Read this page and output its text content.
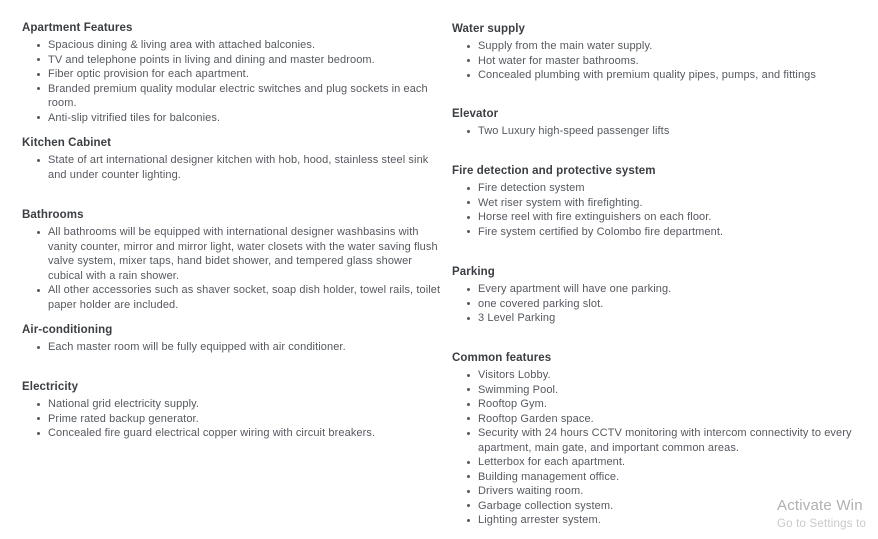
Apartment Features
Spacious dining & living area with attached balconies.
TV and telephone points in living and dining and master bedroom.
Fiber optic provision for each apartment.
Branded premium quality modular electric switches and plug sockets in each room.
Anti-slip vitrified tiles for balconies.
Kitchen Cabinet
State of art international designer kitchen with hob, hood, stainless steel sink and under counter lighting.
Bathrooms
All bathrooms will be equipped with international designer washbasins with vanity counter, mirror and mirror light, water closets with the water saving flush valve system, mixer taps, hand bidet shower, and tempered glass shower cubical with a rain shower.
All other accessories such as shaver socket, soap dish holder, towel rails, toilet paper holder are included.
Air-conditioning
Each master room will be fully equipped with air conditioner.
Electricity
National grid electricity supply.
Prime rated backup generator.
Concealed fire guard electrical copper wiring with circuit breakers.
Water supply
Supply from the main water supply.
Hot water for master bathrooms.
Concealed plumbing with premium quality pipes, pumps, and fittings
Elevator
Two Luxury high-speed passenger lifts
Fire detection and protective system
Fire detection system
Wet riser system with firefighting.
Horse reel with fire extinguishers on each floor.
Fire system certified by Colombo fire department.
Parking
Every apartment will have one parking.
one covered parking slot.
3 Level Parking
Common features
Visitors Lobby.
Swimming Pool.
Rooftop Gym.
Rooftop Garden space.
Security with 24 hours CCTV monitoring with intercom connectivity to every apartment, main gate, and important common areas.
Letterbox for each apartment.
Building management office.
Drivers waiting room.
Garbage collection system.
Lighting arrester system.
Activate Win
Go to Settings to
